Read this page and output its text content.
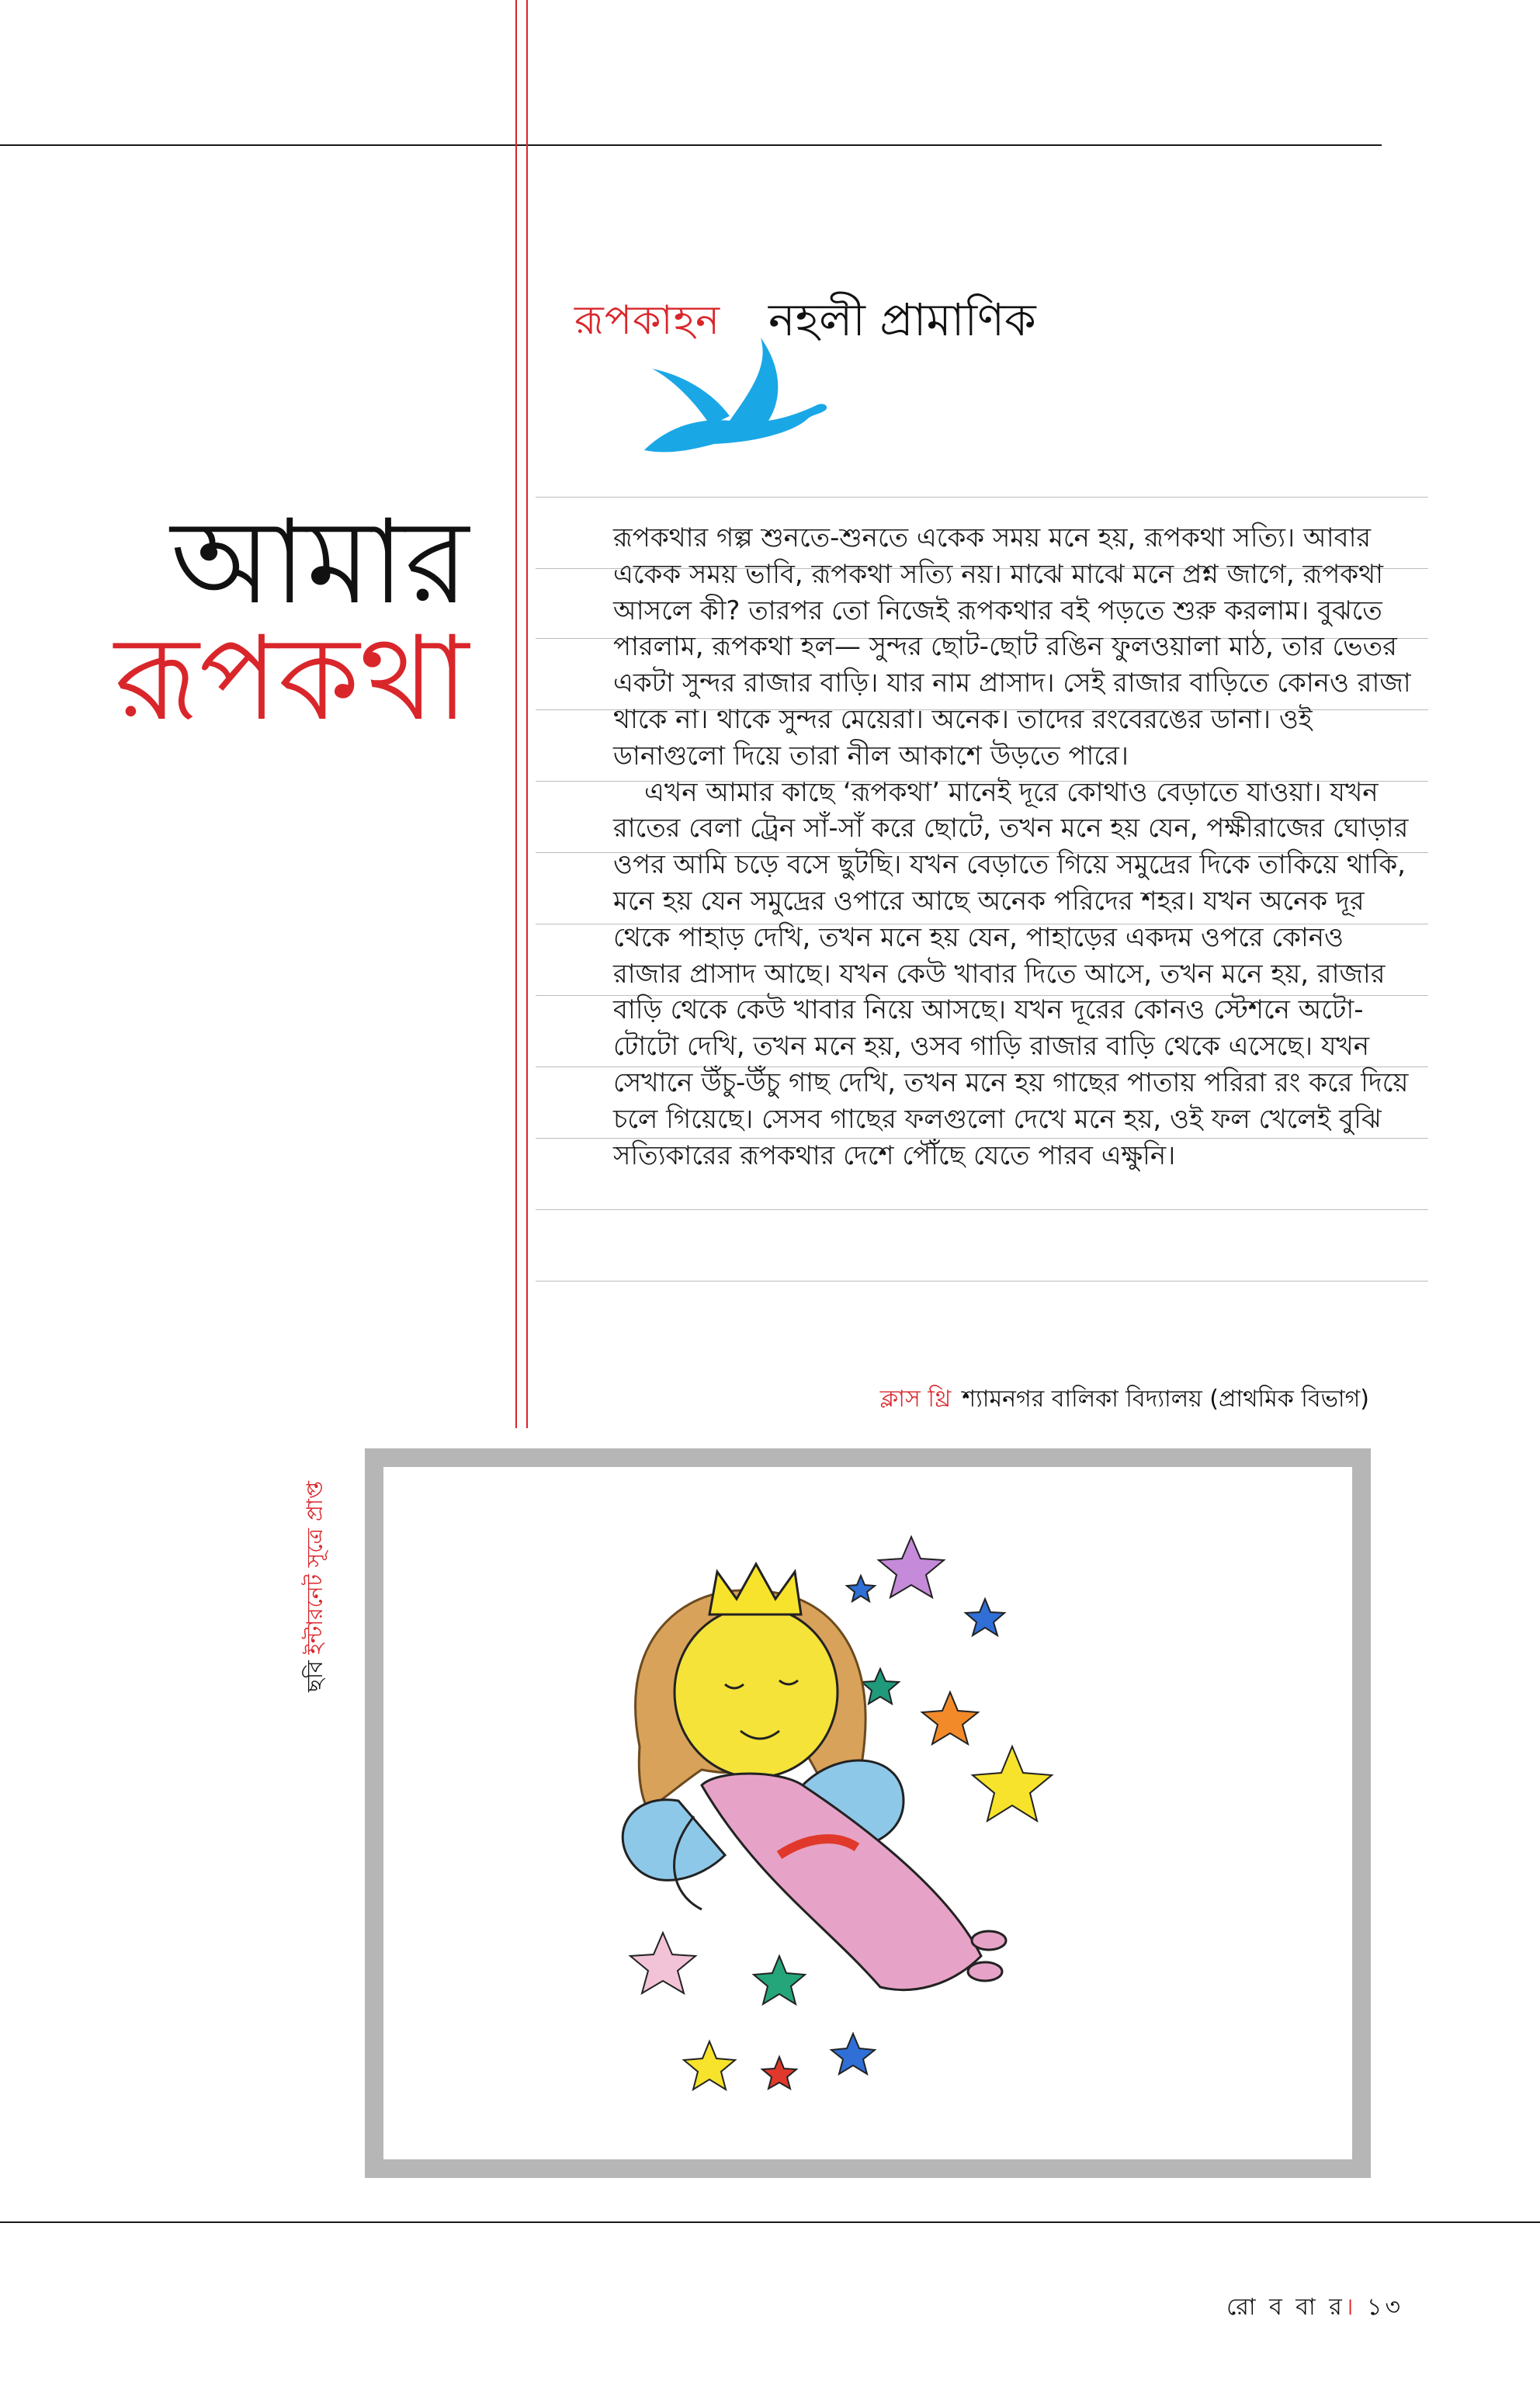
রূপকাহন নহলী প্রামাণিক
আমার
রূপকথা

রূপকথার গল্প শুনতে-শুনতে একেক সময় মনে হয়, রূপকথা সত্যি। আবার একেক সময় ভাবি, রূপকথা সত্যি নয়। মাঝে মাঝে মনে প্রশ্ন জাগে, রূপকথা আসলে কী? তারপর তো নিজেই রূপকথার বই পড়তে শুরু করলাম। বুঝতে পারলাম, রূপকথা হল— সুন্দর ছোট-ছোট রঙিন ফুলওয়ালা মাঠ, তার ভেতর একটা সুন্দর রাজার বাড়ি। যার নাম প্রাসাদ। সেই রাজার বাড়িতে কোনও রাজা থাকে না। থাকে সুন্দর মেয়েরা। অনেক। তাদের রংবেরঙের ডানা। ওই ডানাগুলো দিয়ে তারা নীল আকাশে উড়তে পারে।

এখন আমার কাছে ‘রূপকথা’ মানেই দূরে কোথাও বেড়াতে যাওয়া। যখন রাতের বেলা ট্রেন সাঁ-সাঁ করে ছোটে, তখন মনে হয় যেন, পক্ষীরাজের ঘোড়ার ওপর আমি চড়ে বসে ছুটছি। যখন বেড়াতে গিয়ে সমুদ্রের দিকে তাকিয়ে থাকি, মনে হয় যেন সমুদ্রের ওপারে আছে অনেক পরিদের শহর। যখন অনেক দূর থেকে পাহাড় দেখি, তখন মনে হয় যেন, পাহাড়ের একদম ওপরে কোনও রাজার প্রাসাদ আছে। যখন কেউ খাবার দিতে আসে, তখন মনে হয়, রাজার বাড়ি থেকে কেউ খাবার নিয়ে আসছে। যখন দূরের কোনও স্টেশনে অটো-টোটো দেখি, তখন মনে হয়, ওসব গাড়ি রাজার বাড়ি থেকে এসেছে। যখন সেখানে উঁচু-উঁচু গাছ দেখি, তখন মনে হয় গাছের পাতায় পরিরা রং করে দিয়ে চলে গিয়েছে। সেসব গাছের ফলগুলো দেখে মনে হয়, ওই ফল খেলেই বুঝি সত্যিকারের রূপকথার দেশে পৌঁছে যেতে পারব এক্ষুনি।

ক্লাস থ্রি শ্যামনগর বালিকা বিদ্যালয় (প্রাথমিক বিভাগ)
ছবিইন্টারনেট সূত্রে প্রাপ্ত
রো ব বা র। ১৩
